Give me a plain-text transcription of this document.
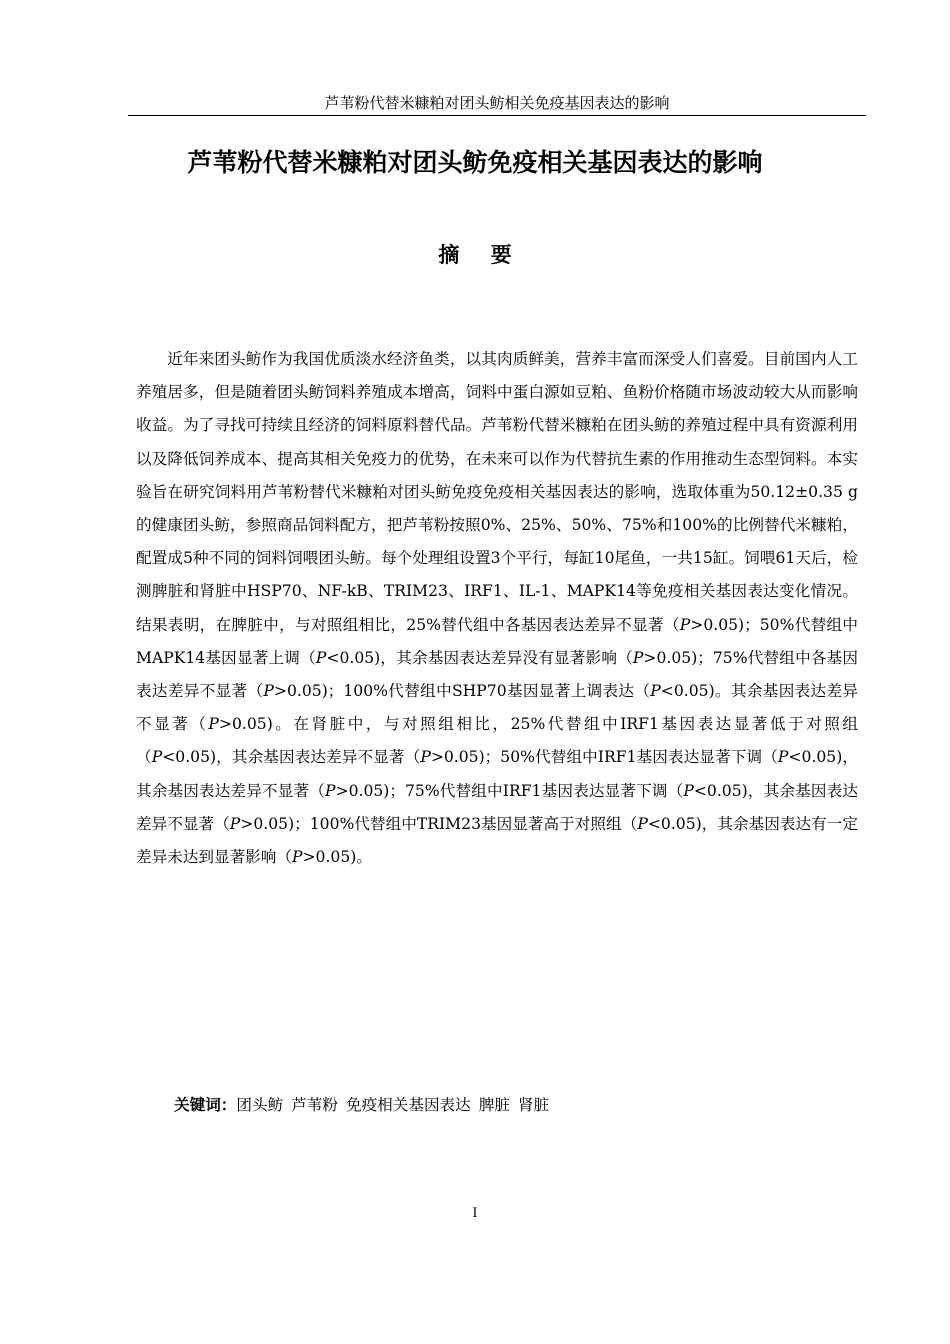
芦苇粉代替米糠粕对团头鲂相关免疫基因表达的影响
芦苇粉代替米糠粕对团头鲂免疫相关基因表达的影响
摘 要

近年来团头鲂作为我国优质淡水经济鱼类，以其肉质鲜美，营养丰富而深受人们喜爱。目前国内人工养殖居多，但是随着团头鲂饲料养殖成本增高，饲料中蛋白源如豆粕、鱼粉价格随市场波动较大从而影响收益。为了寻找可持续且经济的饲料原料替代品。芦苇粉代替米糠粕在团头鲂的养殖过程中具有资源利用以及降低饲养成本、提高其相关免疫力的优势，在未来可以作为代替抗生素的作用推动生态型饲料。本实验旨在研究饲料用芦苇粉替代米糠粕对团头鲂免疫免疫相关基因表达的影响，选取体重为50.12±0.35 g的健康团头鲂，参照商品饲料配方，把芦苇粉按照0%、25%、50%、75%和100%的比例替代米糠粕，配置成5种不同的饲料饲喂团头鲂。每个处理组设置3个平行，每缸10尾鱼，一共15缸。饲喂61天后，检测脾脏和肾脏中HSP70、NF-kB、TRIM23、IRF1、IL-1、MAPK14等免疫相关基因表达变化情况。结果表明，在脾脏中，与对照组相比，25%替代组中各基因表达差异不显著（P>0.05)；50%代替组中MAPK14基因显著上调（P<0.05)，其余基因表达差异没有显著影响（P>0.05)；75%代替组中各基因表达差异不显著（P>0.05)；100%代替组中SHP70基因显著上调表达（P<0.05)。其余基因表达差异不显著（P>0.05)。在肾脏中，与对照组相比，25%代替组中IRF1基因表达显著低于对照组（P<0.05)，其余基因表达差异不显著（P>0.05)；50%代替组中IRF1基因表达显著下调（P<0.05)，其余基因表达差异不显著（P>0.05)；75%代替组中IRF1基因表达显著下调（P<0.05)，其余基因表达差异不显著（P>0.05)；100%代替组中TRIM23基因显著高于对照组（P<0.05)，其余基因表达有一定差异未达到显著影响（P>0.05)。

关键词：团头鲂 芦苇粉 免疫相关基因表达 脾脏 肾脏
I
